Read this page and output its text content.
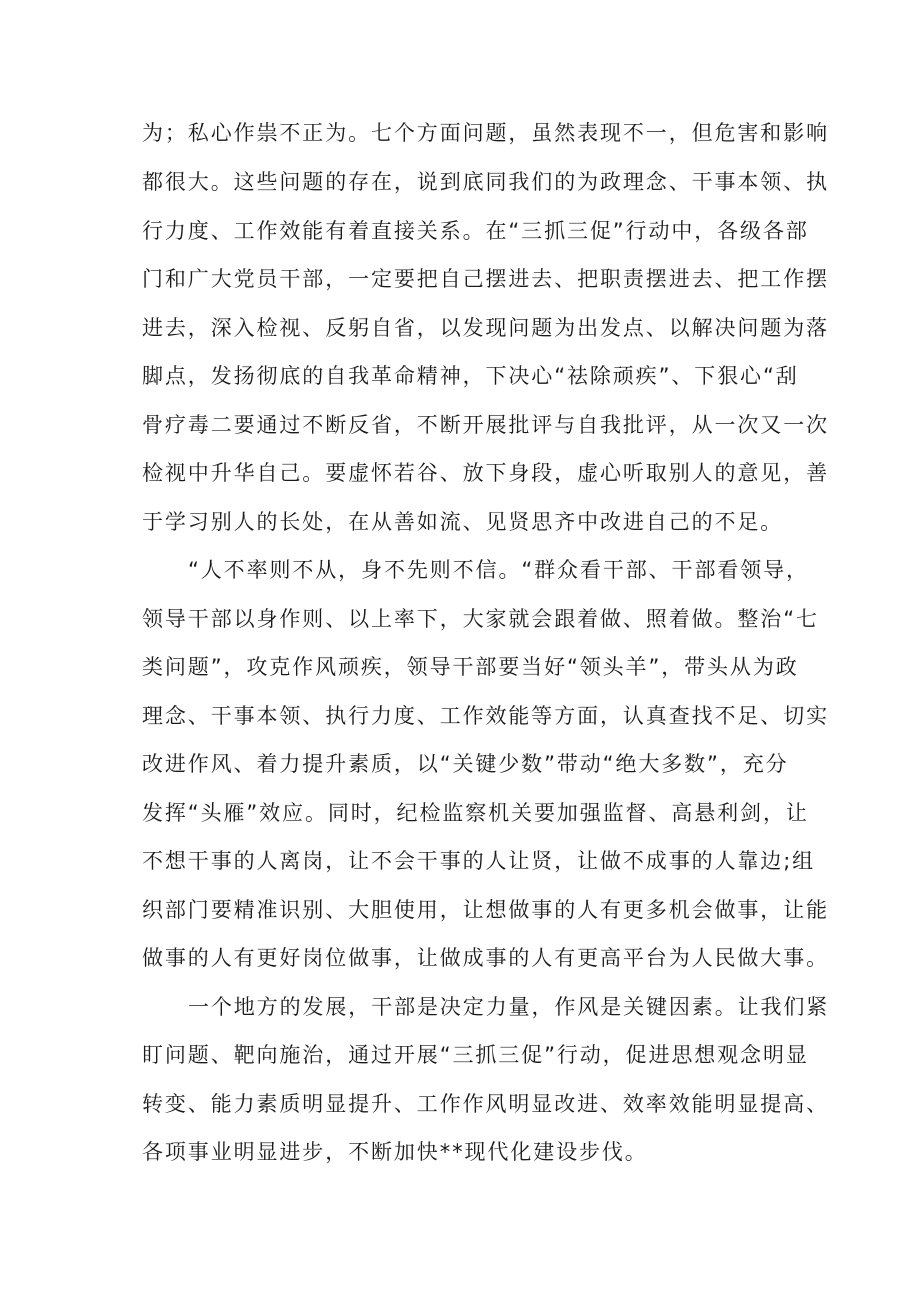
为；私心作祟不正为。七个方面问题，虽然表现不一，但危害和影响
都很大。这些问题的存在，说到底同我们的为政理念、干事本领、执
行力度、工作效能有着直接关系。在“三抓三促”行动中，各级各部
门和广大党员干部，一定要把自己摆进去、把职责摆进去、把工作摆
进去，深入检视、反躬自省，以发现问题为出发点、以解决问题为落
脚点，发扬彻底的自我革命精神，下决心“祛除顽疾”、下狠心“刮
骨疗毒二要通过不断反省，不断开展批评与自我批评，从一次又一次
检视中升华自己。要虚怀若谷、放下身段，虚心听取别人的意见，善
于学习别人的长处，在从善如流、见贤思齐中改进自己的不足。
“人不率则不从，身不先则不信。“群众看干部、干部看领导，
领导干部以身作则、以上率下，大家就会跟着做、照着做。整治“七
类问题”，攻克作风顽疾，领导干部要当好“领头羊”，带头从为政
理念、干事本领、执行力度、工作效能等方面，认真查找不足、切实
改进作风、着力提升素质，以“关键少数”带动“绝大多数”，充分
发挥“头雁”效应。同时，纪检监察机关要加强监督、高悬利剑，让
不想干事的人离岗，让不会干事的人让贤，让做不成事的人靠边;组
织部门要精准识别、大胆使用，让想做事的人有更多机会做事，让能
做事的人有更好岗位做事，让做成事的人有更高平台为人民做大事。
一个地方的发展，干部是决定力量，作风是关键因素。让我们紧
盯问题、靶向施治，通过开展“三抓三促”行动，促进思想观念明显
转变、能力素质明显提升、工作作风明显改进、效率效能明显提高、
各项事业明显进步，不断加快**现代化建设步伐。
